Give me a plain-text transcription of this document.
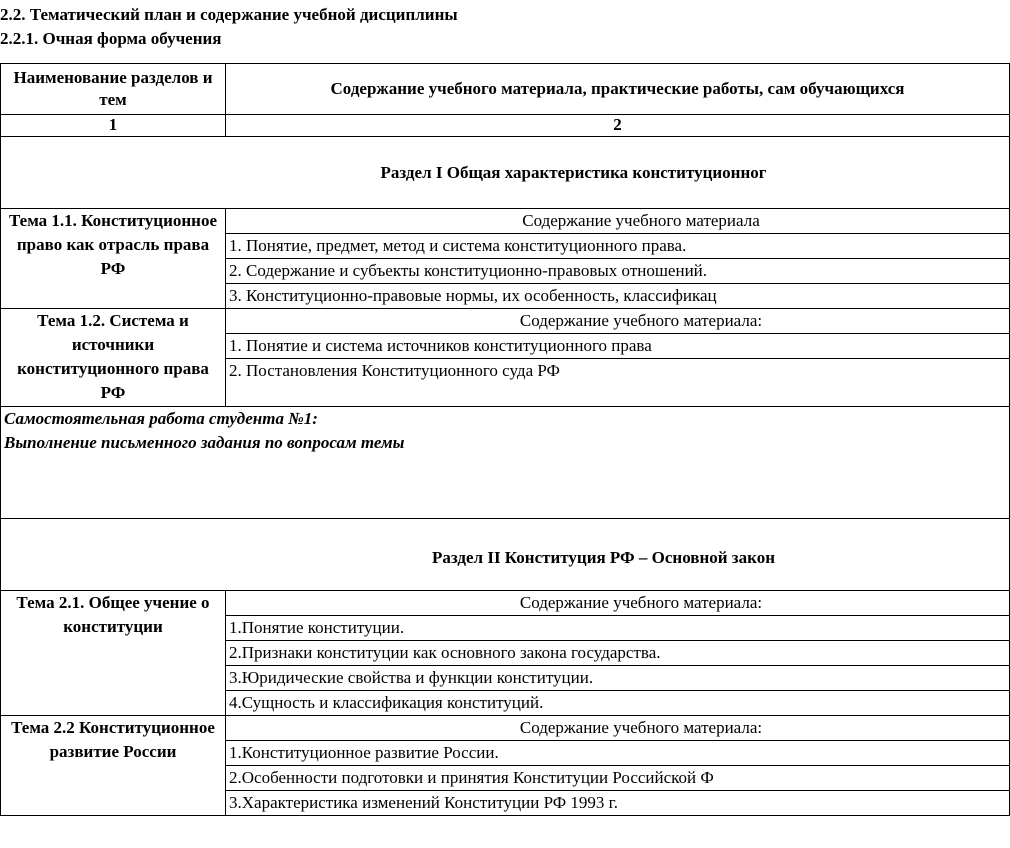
2.2. Тематический план и содержание учебной дисциплины
2.2.1. Очная форма обучения
Наименование разделов и тем	Содержание учебного материала, практические работы, сам обучающихся
1	2
Раздел I Общая характеристика конституционног	
Тема 1.1. Конституционное право как отрасль права РФ	Содержание учебного материала
	1. Понятие, предмет, метод и система конституционного права.
	2. Содержание и субъекты конституционно-правовых отношений.
	3. Конституционно-правовые нормы, их особенность, классификац
Тема 1.2. Система и источники конституционного права РФ	Содержание учебного материала:
	1. Понятие и система источников конституционного права
	2. Постановления Конституционного суда РФ

Самостоятельная работа студента №1:
Выполнение письменного задания по вопросам темы	

Раздел II Конституция РФ – Основной закон	
Тема 2.1. Общее учение о конституции	Содержание учебного материала:
	1.Понятие конституции.
	2.Признаки конституции как основного закона государства.
	3.Юридические свойства и функции конституции.
	4.Сущность и классификация конституций.
Тема 2.2 Конституционное развитие России	Содержание учебного материала:
	1.Конституционное развитие России.
	2.Особенности подготовки и принятия Конституции Российской Ф
	3.Характеристика изменений Конституции РФ 1993 г.
